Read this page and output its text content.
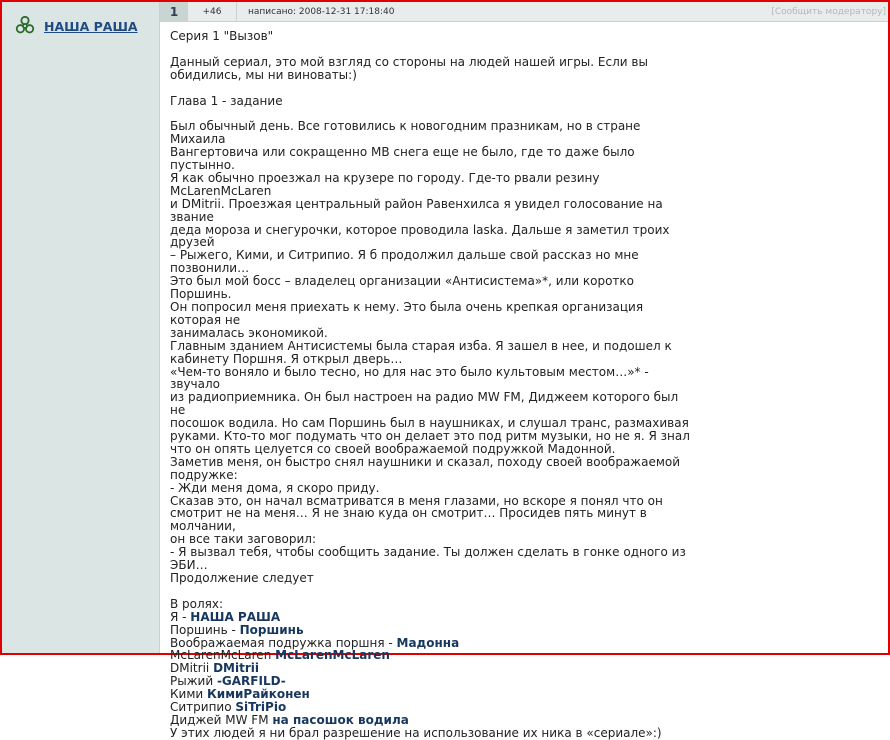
НАША РАША
1	+46	написано: 2008-12-31 17:18:40	[Сообщить модератору]

Серия 1 "Вызов"

Данный сериал, это мой взгляд со стороны на людей нашей игры. Если вы обидились, мы ни виноваты:)

Глава 1 - задание

Был обычный день. Все готовились к новогодним празникам, но в стране Михаила

Вангертовича или сокращенно МВ снега еще не было, где то даже было пустынно.

Я как обычно проезжал на крузере по городу. Где-то рвали резину McLarenMcLaren

и DMitrii. Проезжая центральный район Равенхилса я увидел голосование на звание

деда мороза и снегурочки, которое проводила laska. Дальше я заметил троих друзей

– Рыжего, Кими, и Ситрипио. Я б продолжил дальше свой рассказ но мне позвонили…

Это был мой босс – владелец организации «Антисистема»*, или коротко Поршинь.

Он попросил меня приехать к нему. Это была очень крепкая организация которая не

занималась экономикой.

Главным зданием Антисистемы была старая изба. Я зашел в нее, и подошел к

кабинету Поршня. Я открыл дверь…

«Чем-то воняло и было тесно, но для нас это было культовым местом…»* - звучало

из радиоприемника. Он был настроен на радио MW FM, Диджеем которого был не

посошок водила. Но сам Поршинь был в наушниках, и слушал транс, размахивая

руками. Кто-то мог подумать что он делает это под ритм музыки, но не я. Я знал

что он опять целуется со своей воображаемой подружкой Мадонной.

Заметив меня, он быстро снял наушники и сказал, походу своей воображаемой

подружке:

- Жди меня дома, я скоро приду.

Сказав это, он начал всматриватся в меня глазами, но вскоре я понял что он

смотрит не на меня… Я не знаю куда он смотрит… Просидев пять минут в молчании,

он все таки заговорил:

- Я вызвал тебя, чтобы сообщить задание. Ты должен сделать в гонке одного из

ЭБИ…

Продолжение следует

В ролях:

Я - НАША РАША

Поршинь - Поршинь

Воображаемая подружка поршня - Мадонна

McLarenMcLaren McLarenMcLaren

DMitrii DMitrii

Рыжий -GARFILD-

Кими КимиРайконен

Ситрипио SiTriPio

Диджей MW FM на пасошок водила

У этих людей я ни брал разрешение на использование их ника в «сериале»:)
